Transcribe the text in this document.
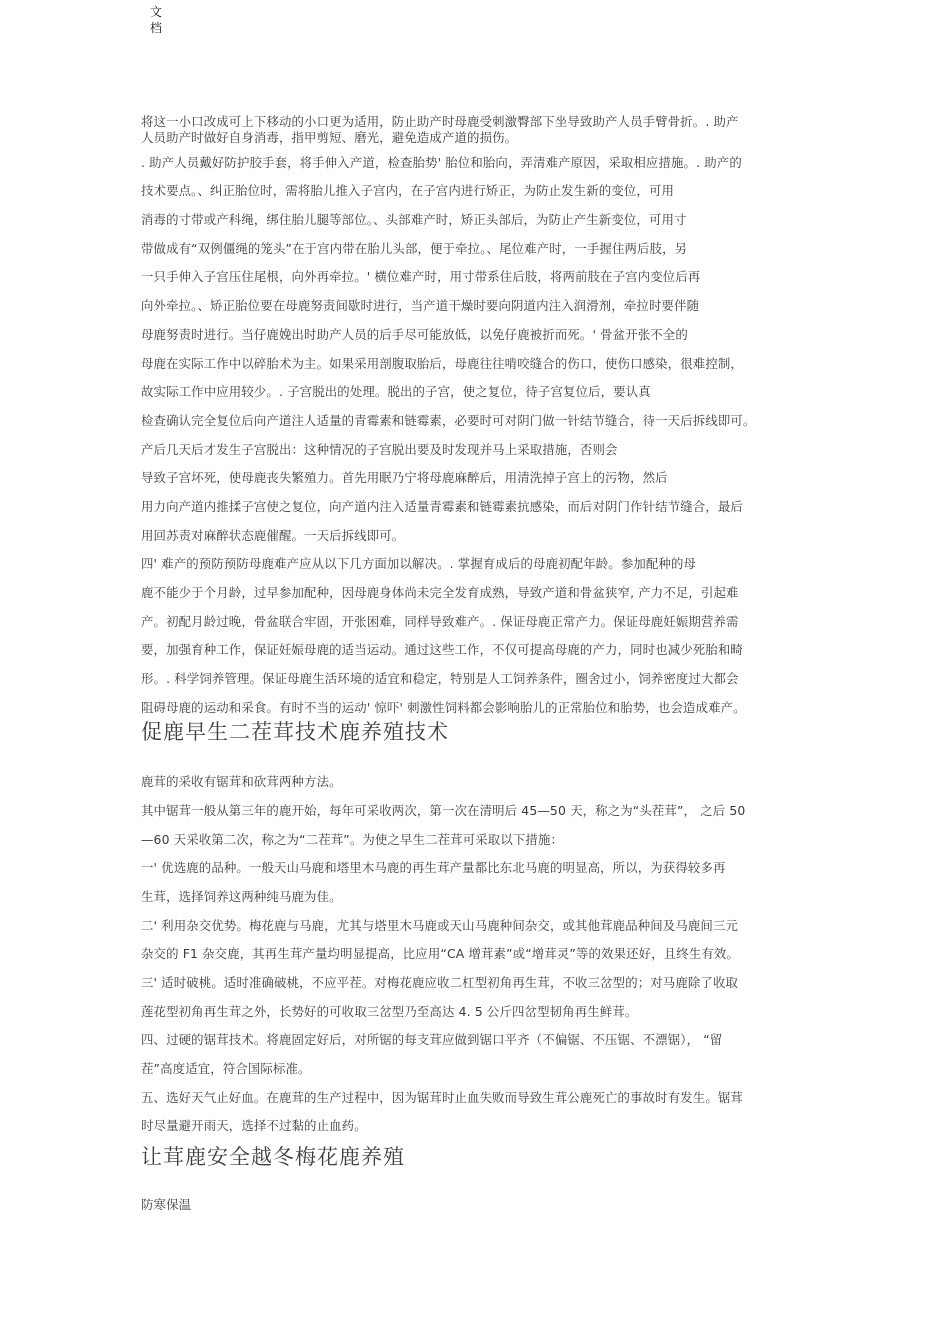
文
档
将这一小口改成可上下移动的小口更为适用，防止助产时母鹿受刺激臀部下坐导致助产人员手臂骨折。. 助产
人员助产时做好自身消毒，指甲剪短、磨光，避免造成产道的损伤。
. 助产人员戴好防护胶手套，将手伸入产道，检查胎势' 胎位和胎向，弄清难产原因，采取相应措施。. 助产的
技术要点。、纠正胎位时，需将胎儿推入子宫内，在子宫内进行矫正，为防止发生新的变位，可用
消毒的寸带或产科绳，绑住胎儿腿等部位。、头部难产时，矫正头部后，为防止产生新变位，可用寸
带做成有“双例僵绳的笼头”在于宫内带在胎儿头部，便于牵拉。、尾位难产时，一手握住两后肢，另
一只手伸入子宫压住尾根，向外再牵拉。' 横位难产时，用寸带系住后肢，将两前肢在子宫内变位后再
向外牵拉。、矫正胎位要在母鹿努责间歇时进行，当产道干燥时要向阴道内注入润滑剂，牵拉时要伴随
母鹿努责时进行。当仔鹿娩出时助产人员的后手尽可能放低，以免仔鹿被折而死。' 骨盆开张不全的
母鹿在实际工作中以碎胎术为主。如果采用剖腹取胎后，母鹿往往啃咬缝合的伤口，使伤口感染，很难控制，
故实际工作中应用较少。. 子宫脱出的处理。脱出的子宫，使之复位，待子宫复位后，要认真
检查确认完全复位后向产道注人适量的青霉素和链霉素，必要时可对阴门做一针结节缝合，待一天后拆线即可。
产后几天后才发生子宫脱出：这种情况的子宫脱出要及时发现并马上采取措施，否则会
导致子宫坏死，使母鹿丧失繁殖力。首先用眠乃宁将母鹿麻醉后，用清洗掉子宫上的污物，然后
用力向产道内推揉子宫使之复位，向产道内注入适量青霉素和链霉素抗感染，而后对阴门作针结节缝合，最后
用回苏责对麻醉状态鹿催醒。一天后拆线即可。
四' 难产的预防预防母鹿难产应从以下几方面加以解决。. 掌握育成后的母鹿初配年龄。参加配种的母
鹿不能少于个月龄，过早参加配种，因母鹿身体尚未完全发育成熟，导致产道和骨盆狭窄, 产力不足，引起难
产。初配月龄过晚，骨盆联合牢固，开张困难，同样导致难产。. 保证母鹿正常产力。保证母鹿妊娠期营养需
要，加强育种工作，保证妊娠母鹿的适当运动。通过这些工作，不仅可提高母鹿的产力，同时也减少死胎和畸
形。. 科学饲养管理。保证母鹿生活环境的适宜和稳定，特别是人工饲养条件，圈舍过小，饲养密度过大都会
阻碍母鹿的运动和采食。有时不当的运动' 惊吓' 刺激性饲料都会影响胎儿的正常胎位和胎势，也会造成难产。
促鹿早生二茬茸技术鹿养殖技术
鹿茸的采收有锯茸和砍茸两种方法。
其中锯茸一般从第三年的鹿开始，每年可采收两次，第一次在清明后 45—50 天，称之为“头茬茸”， 之后 50
—60 天采收第二次，称之为“二茬茸”。为使之早生二茬茸可采取以下措施：
一' 优选鹿的品种。一般天山马鹿和塔里木马鹿的再生茸产量都比东北马鹿的明显高，所以，为获得较多再
生茸，选择饲养这两种纯马鹿为佳。
二' 利用杂交优势。梅花鹿与马鹿，尤其与塔里木马鹿或天山马鹿种间杂交，或其他茸鹿品种间及马鹿间三元
杂交的 F1 杂交鹿，其再生茸产量均明显提高，比应用“CA 增茸素”或“增茸灵”等的效果还好，且终生有效。
三' 适时破桃。适时准确破桃，不应平茬。对梅花鹿应收二杠型初角再生茸，不收三岔型的；对马鹿除了收取
莲花型初角再生茸之外，长势好的可收取三岔型乃至高达 4. 5 公斤四岔型韧角再生鲜茸。
四、过硬的锯茸技术。将鹿固定好后，对所锯的每支茸应做到锯口平齐（不偏锯、不压锯、不漂锯）， “留
茬”高度适宜，符合国际标准。
五、选好天气止好血。在鹿茸的生产过程中，因为锯茸时止血失败而导致生茸公鹿死亡的事故时有发生。锯茸
时尽量避开雨天，选择不过黏的止血药。
让茸鹿安全越冬梅花鹿养殖
防寒保温
